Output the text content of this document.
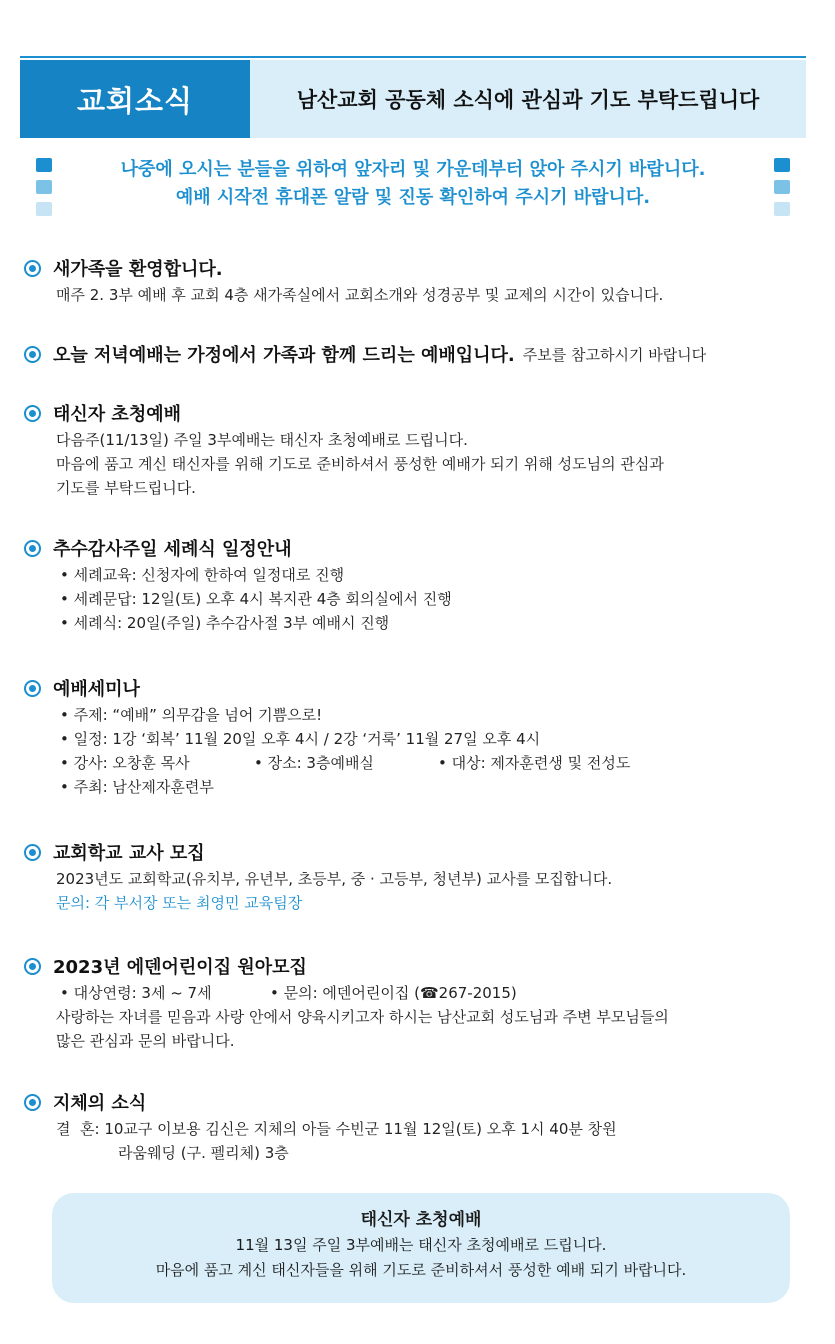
교회소식	남산교회 공동체 소식에 관심과 기도 부탁드립니다
나중에 오시는 분들을 위하여 앞자리 및 가운데부터 앉아 주시기 바랍니다.
예배 시작전 휴대폰 알람 및 진동 확인하여 주시기 바랍니다.
새가족을 환영합니다.
매주 2. 3부 예배 후 교회 4층 새가족실에서 교회소개와 성경공부 및 교제의 시간이 있습니다.
오늘 저녁예배는 가정에서 가족과 함께 드리는 예배입니다. 주보를 참고하시기 바랍니다
태신자 초청예배
다음주(11/13일) 주일 3부예배는 태신자 초청예배로 드립니다.
마음에 품고 계신 태신자를 위해 기도로 준비하셔서 풍성한 예배가 되기 위해 성도님의 관심과
기도를 부탁드립니다.
추수감사주일 세례식 일정안내
• 세례교육: 신청자에 한하여 일정대로 진행
• 세례문답: 12일(토) 오후 4시 복지관 4층 회의실에서 진행
• 세례식: 20일(주일) 추수감사절 3부 예배시 진행
예배세미나
• 주제: “예배” 의무감을 넘어 기쁨으로!
• 일정: 1강 ‘회복’ 11월 20일 오후 4시 / 2강 ‘거룩’ 11월 27일 오후 4시
• 강사: 오창훈 목사	• 장소: 3층예배실	• 대상: 제자훈련생 및 전성도
• 주최: 남산제자훈련부
교회학교 교사 모집
2023년도 교회학교(유치부, 유년부, 초등부, 중 · 고등부, 청년부) 교사를 모집합니다.
문의: 각 부서장 또는 최영민 교육팀장
2023년 에덴어린이집 원아모집
• 대상연령: 3세 ~ 7세	• 문의: 에덴어린이집 (☎267-2015)
사랑하는 자녀를 믿음과 사랑 안에서 양육시키고자 하시는 남산교회 성도님과 주변 부모님들의
많은 관심과 문의 바랍니다.
지체의 소식
결  혼: 10교구 이보용 김신은 지체의 아들 수빈군 11월 12일(토) 오후 1시 40분 창원
라움웨딩 (구. 펠리체) 3층
태신자 초청예배
11월 13일 주일 3부예배는 태신자 초청예배로 드립니다.
마음에 품고 계신 태신자들을 위해 기도로 준비하셔서 풍성한 예배 되기 바랍니다.
